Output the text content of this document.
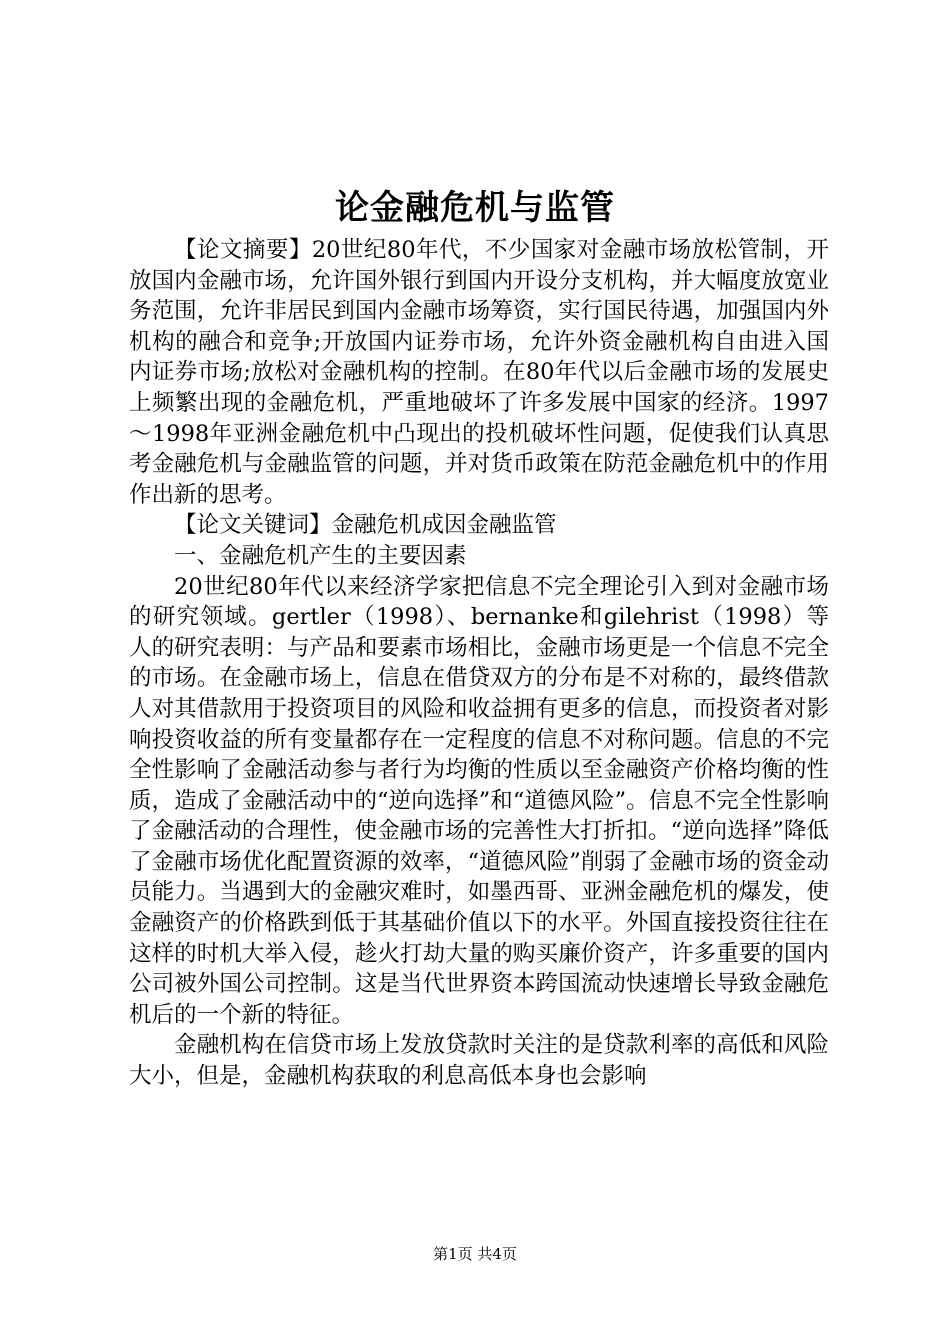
论金融危机与监管

【论文摘要】20世纪80年代，不少国家对金融市场放松管制，开放国内金融市场，允许国外银行到国内开设分支机构，并大幅度放宽业务范围，允许非居民到国内金融市场筹资，实行国民待遇，加强国内外机构的融合和竞争;开放国内证券市场，允许外资金融机构自由进入国内证券市场;放松对金融机构的控制。在80年代以后金融市场的发展史上频繁出现的金融危机，严重地破坏了许多发展中国家的经济。1997～1998年亚洲金融危机中凸现出的投机破坏性问题，促使我们认真思考金融危机与金融监管的问题，并对货币政策在防范金融危机中的作用作出新的思考。

【论文关键词】金融危机成因金融监管

一、金融危机产生的主要因素

20世纪80年代以来经济学家把信息不完全理论引入到对金融市场的研究领域。gertler（1998）、bernanke和gilehrist（1998）等人的研究表明：与产品和要素市场相比，金融市场更是一个信息不完全的市场。在金融市场上，信息在借贷双方的分布是不对称的，最终借款人对其借款用于投资项目的风险和收益拥有更多的信息，而投资者对影响投资收益的所有变量都存在一定程度的信息不对称问题。信息的不完全性影响了金融活动参与者行为均衡的性质以至金融资产价格均衡的性质，造成了金融活动中的“逆向选择”和“道德风险”。信息不完全性影响了金融活动的合理性，使金融市场的完善性大打折扣。“逆向选择”降低了金融市场优化配置资源的效率，“道德风险”削弱了金融市场的资金动员能力。当遇到大的金融灾难时，如墨西哥、亚洲金融危机的爆发，使金融资产的价格跌到低于其基础价值以下的水平。外国直接投资往往在这样的时机大举入侵，趁火打劫大量的购买廉价资产，许多重要的国内公司被外国公司控制。这是当代世界资本跨国流动快速增长导致金融危机后的一个新的特征。

金融机构在信贷市场上发放贷款时关注的是贷款利率的高低和风险大小，但是，金融机构获取的利息高低本身也会影响

第1页 共4页
